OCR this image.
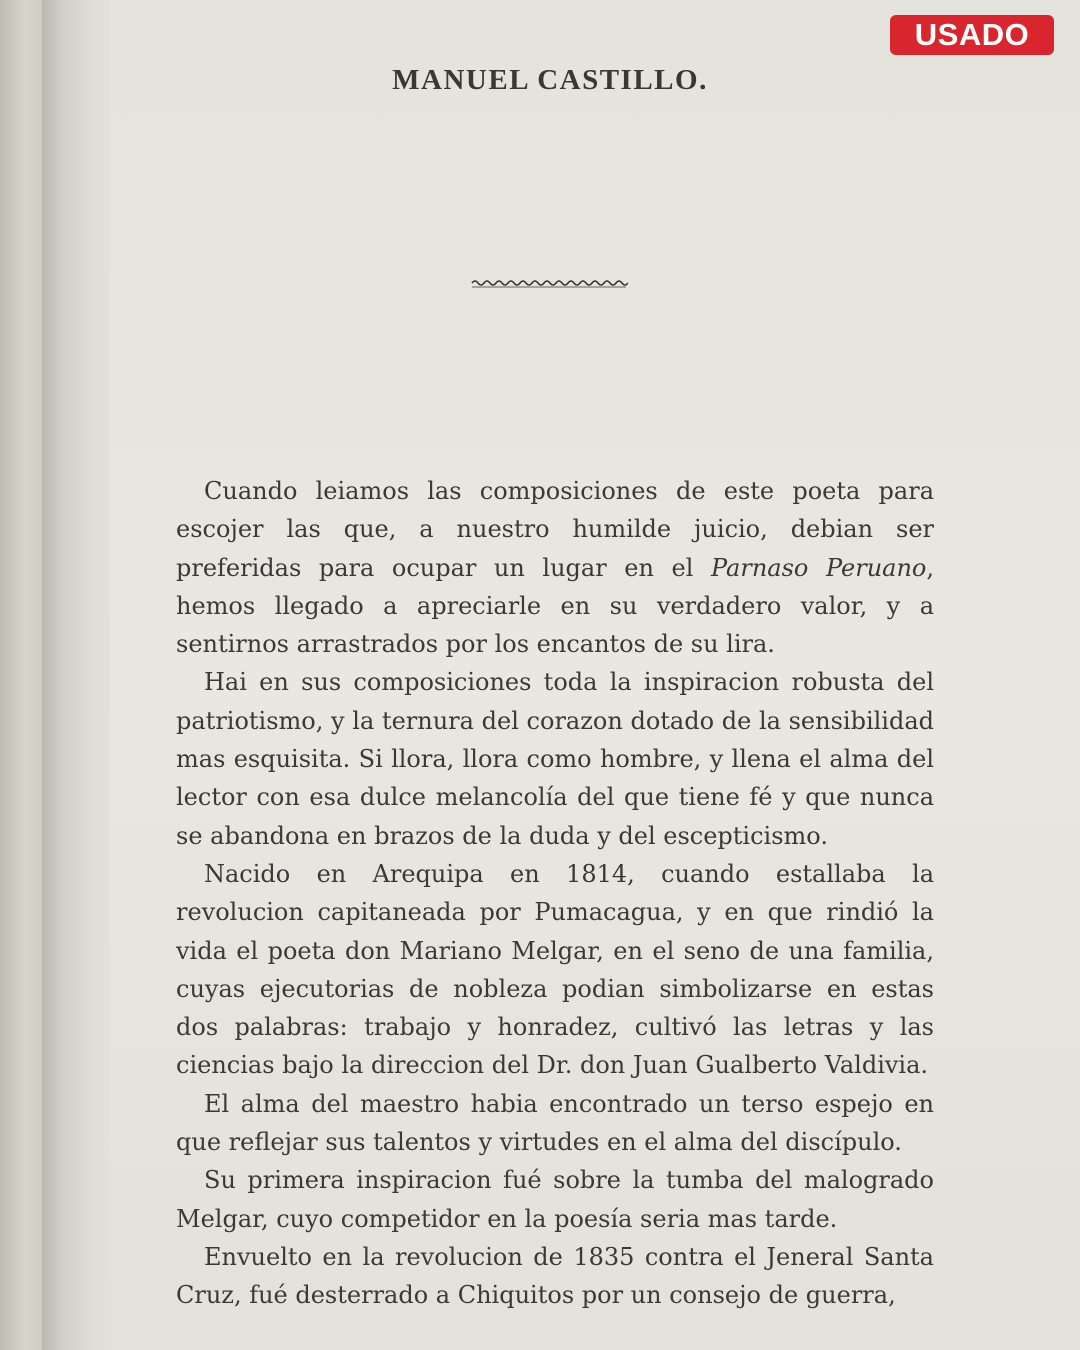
MANUEL CASTILLO.

Cuando leiamos las composiciones de este poeta para escojer las que, a nuestro humilde juicio, debian ser preferidas para ocupar un lugar en el Parnaso Peruano, hemos llegado a apreciarle en su verdadero valor, y a sentirnos arrastrados por los encantos de su lira.

Hai en sus composiciones toda la inspiracion robusta del patriotismo, y la ternura del corazon dotado de la sensibilidad mas esquisita. Si llora, llora como hombre, y llena el alma del lector con esa dulce melancolía del que tiene fé y que nunca se abandona en brazos de la duda y del escepticismo.

Nacido en Arequipa en 1814, cuando estallaba la revolucion capitaneada por Pumacagua, y en que rindió la vida el poeta don Mariano Melgar, en el seno de una familia, cuyas ejecutorias de nobleza podian simbolizarse en estas dos palabras: trabajo y honradez, cultivó las letras y las ciencias bajo la direccion del Dr. don Juan Gualberto Valdivia.

El alma del maestro habia encontrado un terso espejo en que reflejar sus talentos y virtudes en el alma del discípulo.

Su primera inspiracion fué sobre la tumba del malogrado Melgar, cuyo competidor en la poesía seria mas tarde.

Envuelto en la revolucion de 1835 contra el Jeneral Santa Cruz, fué desterrado a Chiquitos por un consejo de guerra,

USADO
